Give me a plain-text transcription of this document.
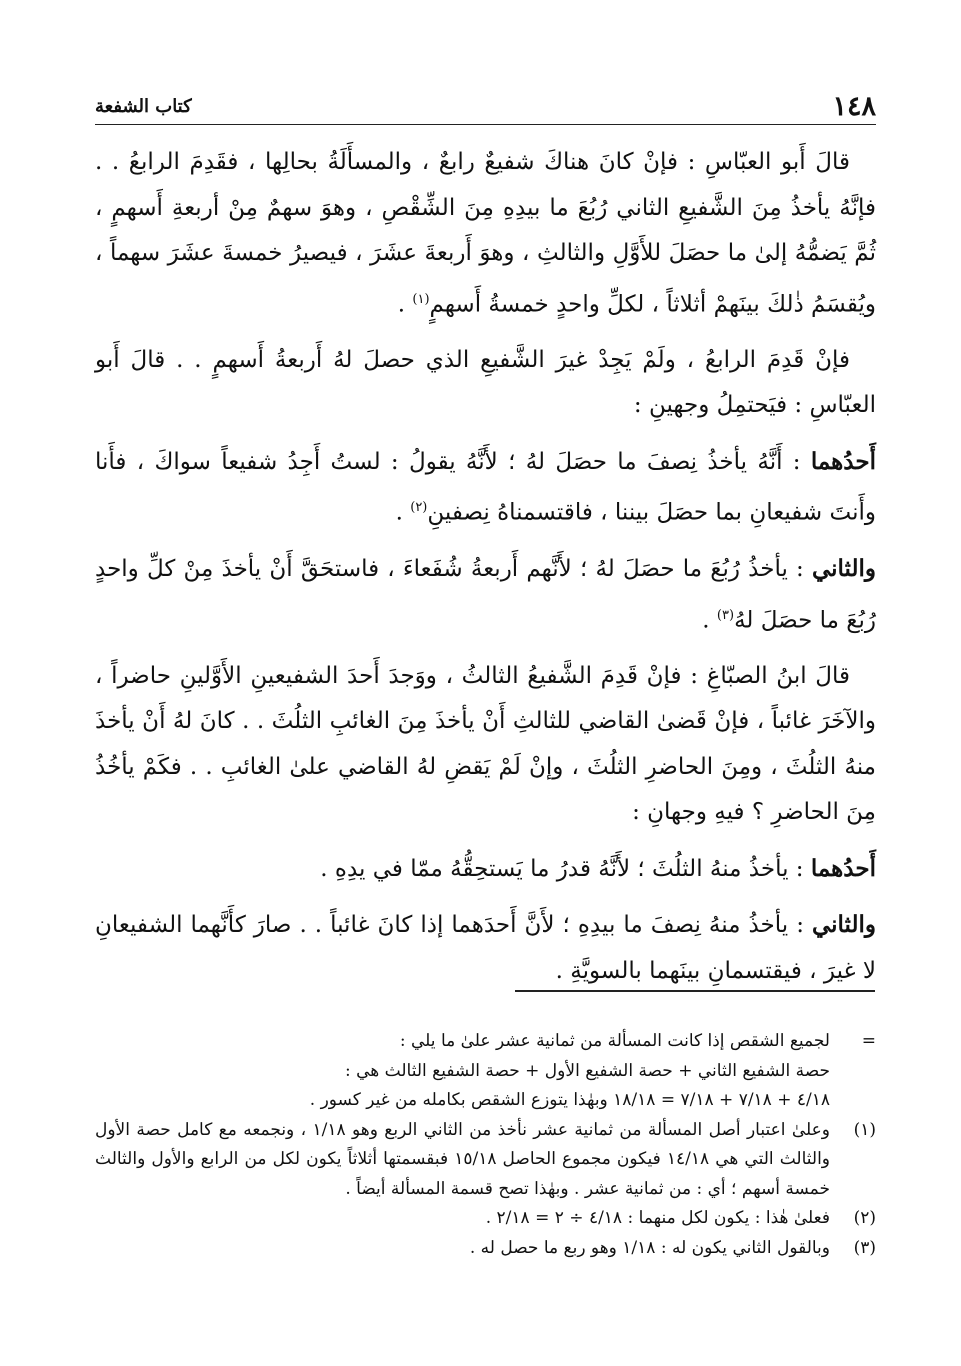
١٤٨
كتاب الشفعة

قالَ أَبو العبّاسِ : فإنْ كانَ هناكَ شفيعٌ رابعٌ ، والمسأَلَةُ بحالِها ، فقَدِمَ الرابعُ . . فإنَّهُ يأخذُ مِنَ الشَّفيعِ الثاني رُبُعَ ما بيدِهِ مِنَ الشِّقْصِ ، وهوَ سهمٌ مِنْ أربعةِ أَسهمٍ ، ثُمَّ يَضمُّهُ إلىٰ ما حصَلَ للأَوَّلِ والثالثِ ، وهوَ أَربعةَ عشَرَ ، فيصيرُ خمسةَ عشَرَ سهماً ، ويُقسَمُ ذٰلكَ بينَهمْ أثلاثاً ، لكلِّ واحدٍ خمسةُ أَسهمٍ$^{(١)}$ .

فإنْ قَدِمَ الرابعُ ، ولَمْ يَجِدْ غيرَ الشَّفيعِ الذي حصلَ لهُ أَربعةُ أَسهمٍ . . قالَ أَبو العبّاسِ : فيَحتمِلُ وجهينِ :

أَحدُهما : أَنَّهُ يأخذُ نِصفَ ما حصَلَ لهُ ؛ لأَنَّهُ يقولُ : لستُ أَجِدُ شفيعاً سواكَ ، فأَنا وأَنتَ شفيعانِ بما حصَلَ بيننا ، فاقتسمناهُ نِصفينِ$^{(٢)}$ .

والثاني : يأخذُ رُبُعَ ما حصَلَ لهُ ؛ لأَنَّهم أَربعةُ شُفَعاءَ ، فاستحَقَّ أَنْ يأخذَ مِنْ كلِّ واحدٍ رُبُعَ ما حصَلَ لهُ$^{(٣)}$ .

قالَ ابنُ الصبّاغِ : فإنْ قَدِمَ الشَّفيعُ الثالثُ ، ووَجدَ أَحدَ الشفيعينِ الأَوَّلينِ حاضراً ، والآخَرَ غائباً ، فإنْ قَضىٰ القاضي للثالثِ أَنْ يأخذَ مِنَ الغائبِ الثلُثَ . . كانَ لهُ أَنْ يأخذَ منهُ الثلُثَ ، ومِنَ الحاضرِ الثلُثَ ، وإنْ لَمْ يَقضِ لهُ القاضي علىٰ الغائبِ . . فكَمْ يأخُذُ مِنَ الحاضرِ ؟ فيهِ وجهانِ :

أَحدُهما : يأخذُ منهُ الثلُثَ ؛ لأَنَّهُ قدرُ ما يَستحِقُّهُ ممّا في يدِهِ .

والثاني : يأخذُ منهُ نِصفَ ما بيدِهِ ؛ لأَنَّ أَحدَهما إذا كانَ غائباً . . صارَ كأَنَّهما الشفيعانِ لا غيرَ ، فيقتسمانِ بينَهما بالسويَّةِ .

=
لجميع الشقص إذا كانت المسألة من ثمانية عشر علىٰ ما يلي :
حصة الشفيع الثاني + حصة الشفيع الأول + حصة الشفيع الثالث هي :
٤/١٨ + ٧/١٨ + ٧/١٨ = ١٨/١٨ وبهٰذا يتوزع الشقص بكامله من غير كسور .
(١)
وعلىٰ اعتبار أصل المسألة من ثمانية عشر نأخذ من الثاني الربع وهو ١/١٨ ، ونجمعه مع كامل حصة الأول والثالث التي هي ١٤/١٨ فيكون مجموع الحاصل ١٥/١٨ فبقسمتها أثلاثاً يكون لكل من الرابع والأول والثالث خمسة أسهم ؛ أي : من ثمانية عشر . وبهٰذا تصح قسمة المسألة أيضاً .
(٢)
فعلىٰ هٰذا : يكون لكل منهما : ٤/١٨ ÷ ٢ = ٢/١٨ .
(٣)
وبالقول الثاني يكون له : ١/١٨ وهو ربع ما حصل له .
